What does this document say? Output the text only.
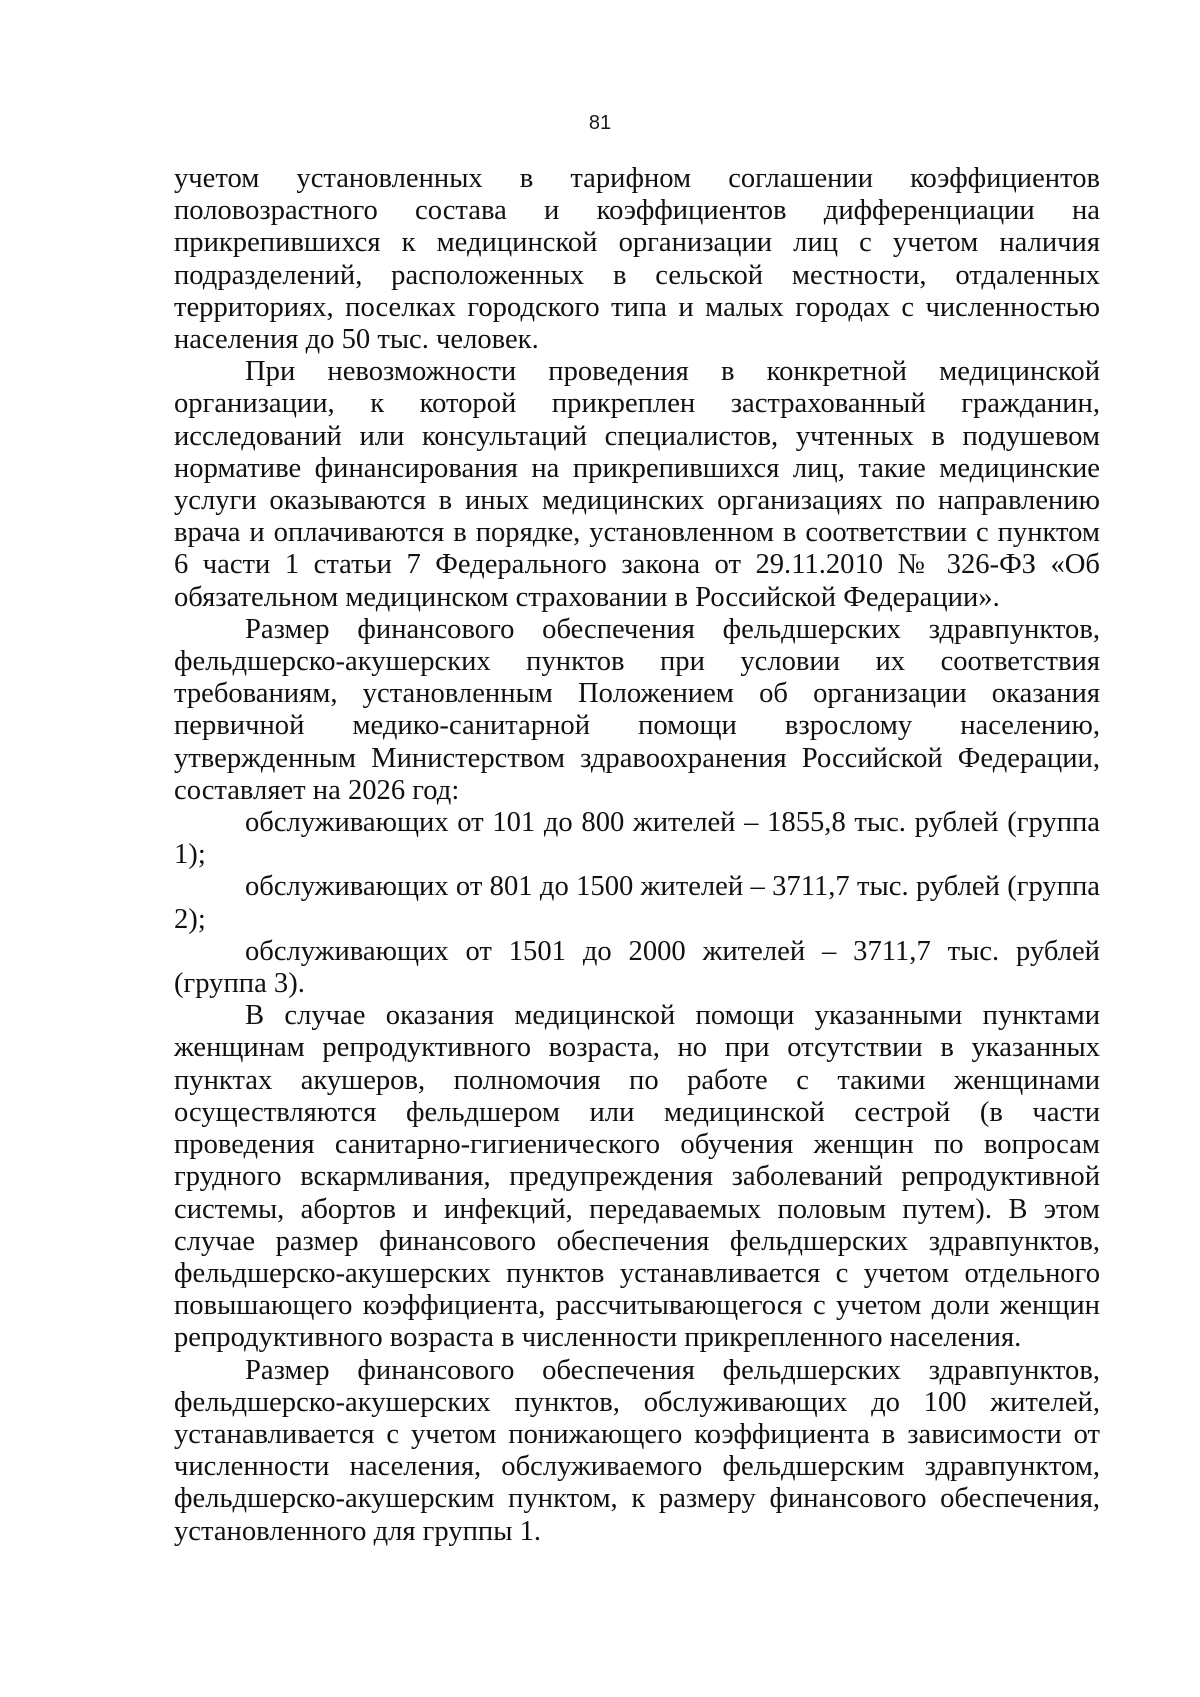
81

учетом установленных в тарифном соглашении коэффициентов половозрастного состава и коэффициентов дифференциации на прикрепившихся к медицинской организации лиц с учетом наличия подразделений, расположенных в сельской местности, отдаленных территориях, поселках городского типа и малых городах с численностью населения до 50 тыс. человек.

При невозможности проведения в конкретной медицинской организации, к которой прикреплен застрахованный гражданин, исследований или консультаций специалистов, учтенных в подушевом нормативе финансирования на прикрепившихся лиц, такие медицинские услуги оказываются в иных медицинских организациях по направлению врача и оплачиваются в порядке, установленном в соответствии с пунктом 6 части 1 статьи 7 Федерального закона от 29.11.2010 № 326-ФЗ «Об обязательном медицинском страховании в Российской Федерации».

Размер финансового обеспечения фельдшерских здравпунктов, фельдшерско-акушерских пунктов при условии их соответствия требованиям, установленным Положением об организации оказания первичной медико-санитарной помощи взрослому населению, утвержденным Министерством здравоохранения Российской Федерации, составляет на 2026 год:

обслуживающих от 101 до 800 жителей – 1855,8 тыс. рублей (группа 1);

обслуживающих от 801 до 1500 жителей – 3711,7 тыс. рублей (группа 2);

обслуживающих от 1501 до 2000 жителей – 3711,7 тыс. рублей (группа 3).

В случае оказания медицинской помощи указанными пунктами женщинам репродуктивного возраста, но при отсутствии в указанных пунктах акушеров, полномочия по работе с такими женщинами осуществляются фельдшером или медицинской сестрой (в части проведения санитарно-гигиенического обучения женщин по вопросам грудного вскармливания, предупреждения заболеваний репродуктивной системы, абортов и инфекций, передаваемых половым путем). В этом случае размер финансового обеспечения фельдшерских здравпунктов, фельдшерско-акушерских пунктов устанавливается с учетом отдельного повышающего коэффициента, рассчитывающегося с учетом доли женщин репродуктивного возраста в численности прикрепленного населения.

Размер финансового обеспечения фельдшерских здравпунктов, фельдшерско-акушерских пунктов, обслуживающих до 100 жителей, устанавливается с учетом понижающего коэффициента в зависимости от численности населения, обслуживаемого фельдшерским здравпунктом, фельдшерско-акушерским пунктом, к размеру финансового обеспечения, установленного для группы 1.
